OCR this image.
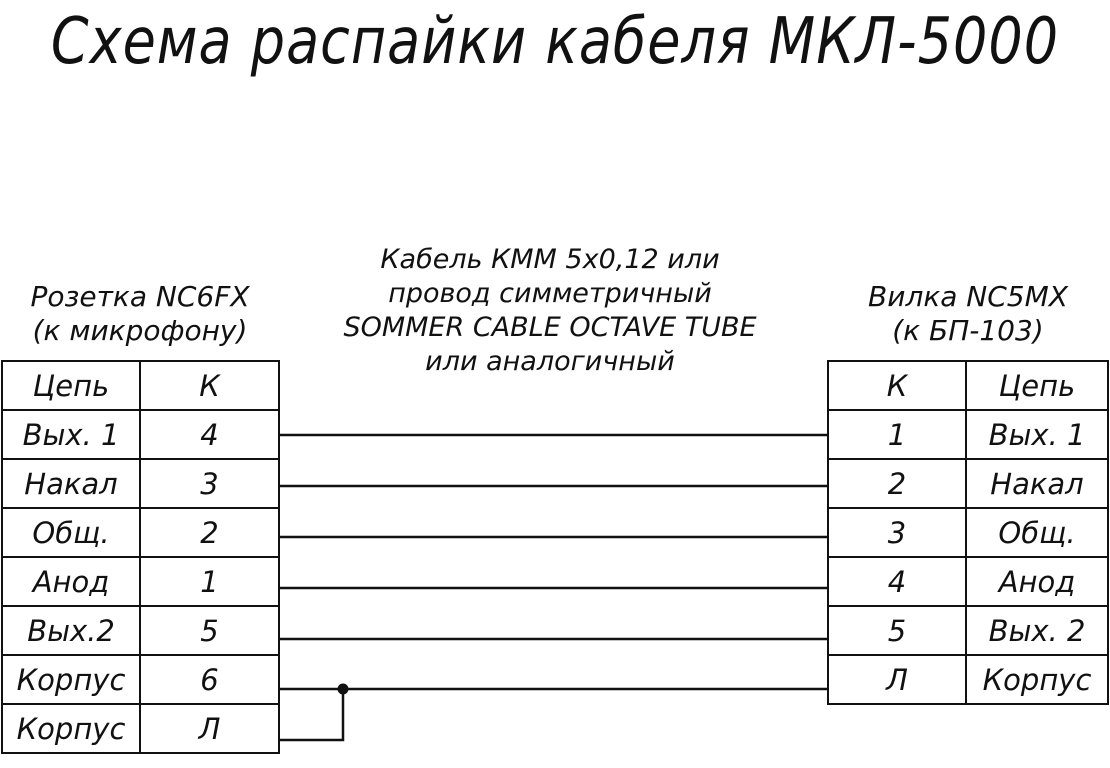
Схема распайки кабеля МКЛ-5000
Розетка NC6FX
(к микрофону)
Кабель КММ 5х0,12 или
провод симметричный
SOMMER CABLE OCTAVE TUBE
или аналогичный
Вилка NC5MX
(к БП-103)
Цепь	К
Вых. 1	4
Накал	3
Общ.	2
Анод	1
Вых.2	5
Корпус	6
Корпус	Л
К	Цепь
1	Вых. 1
2	Накал
3	Общ.
4	Анод
5	Вых. 2
Л	Корпус
